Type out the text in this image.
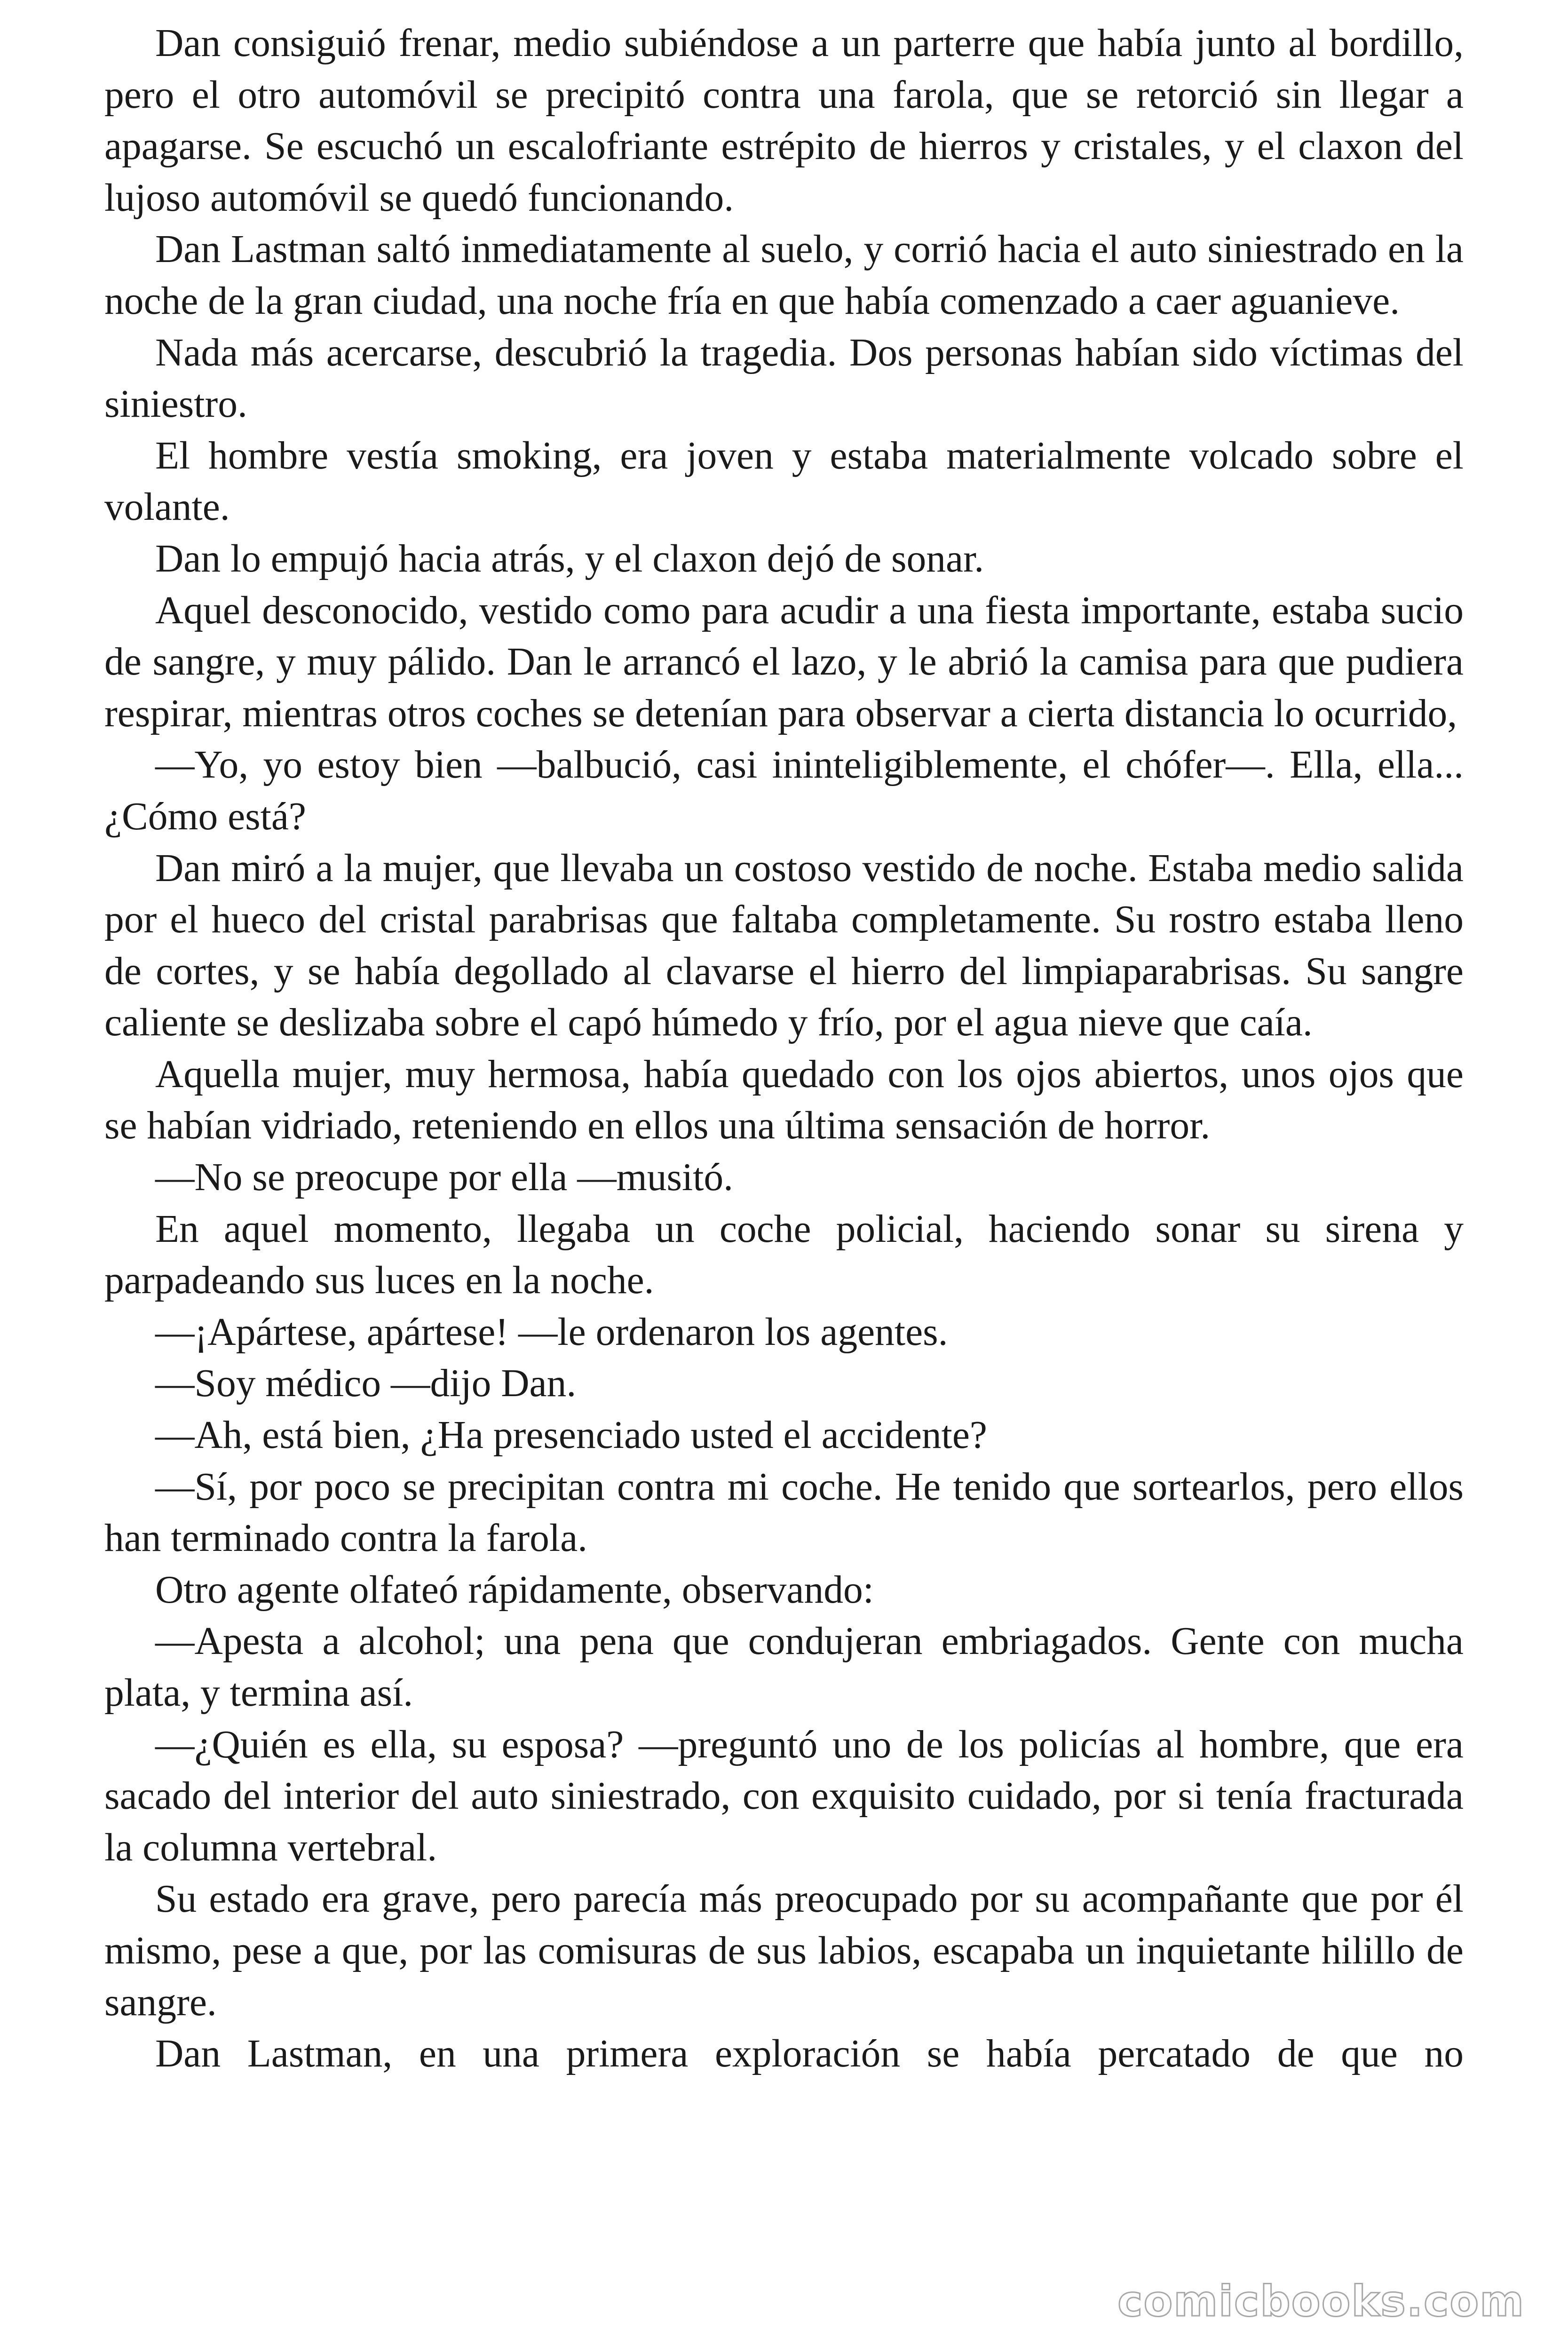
Dan consiguió frenar, medio subiéndose a un parterre que había junto al bordillo, pero el otro automóvil se precipitó contra una farola, que se retorció sin llegar a apagarse. Se escuchó un escalofriante estrépito de hierros y cristales, y el claxon del lujoso automóvil se quedó funcionando.

Dan Lastman saltó inmediatamente al suelo, y corrió hacia el auto siniestrado en la noche de la gran ciudad, una noche fría en que había comenzado a caer aguanieve.

Nada más acercarse, descubrió la tragedia. Dos personas habían sido víctimas del siniestro.

El hombre vestía smoking, era joven y estaba materialmente volcado sobre el volante.

Dan lo empujó hacia atrás, y el claxon dejó de sonar.

Aquel desconocido, vestido como para acudir a una fiesta importante, estaba sucio de sangre, y muy pálido. Dan le arrancó el lazo, y le abrió la camisa para que pudiera respirar, mientras otros coches se detenían para observar a cierta distancia lo ocurrido,

—Yo, yo estoy bien —balbució, casi ininteligiblemente, el chófer—. Ella, ella... ¿Cómo está?

Dan miró a la mujer, que llevaba un costoso vestido de noche. Estaba medio salida por el hueco del cristal parabrisas que faltaba completamente. Su rostro estaba lleno de cortes, y se había degollado al clavarse el hierro del limpiaparabrisas. Su sangre caliente se deslizaba sobre el capó húmedo y frío, por el agua nieve que caía.

Aquella mujer, muy hermosa, había quedado con los ojos abiertos, unos ojos que se habían vidriado, reteniendo en ellos una última sensación de horror.

—No se preocupe por ella —musitó.

En aquel momento, llegaba un coche policial, haciendo sonar su sirena y parpadeando sus luces en la noche.

—¡Apártese, apártese! —le ordenaron los agentes.

—Soy médico —dijo Dan.

—Ah, está bien, ¿Ha presenciado usted el accidente?

—Sí, por poco se precipitan contra mi coche. He tenido que sortearlos, pero ellos han terminado contra la farola.

Otro agente olfateó rápidamente, observando:

—Apesta a alcohol; una pena que condujeran embriagados. Gente con mucha plata, y termina así.

—¿Quién es ella, su esposa? —preguntó uno de los policías al hombre, que era sacado del interior del auto siniestrado, con exquisito cuidado, por si tenía fracturada la columna vertebral.

Su estado era grave, pero parecía más preocupado por su acompañante que por él mismo, pese a que, por las comisuras de sus labios, escapaba un inquietante hilillo de sangre.

Dan Lastman, en una primera exploración se había percatado de que no

comicbooks.com
